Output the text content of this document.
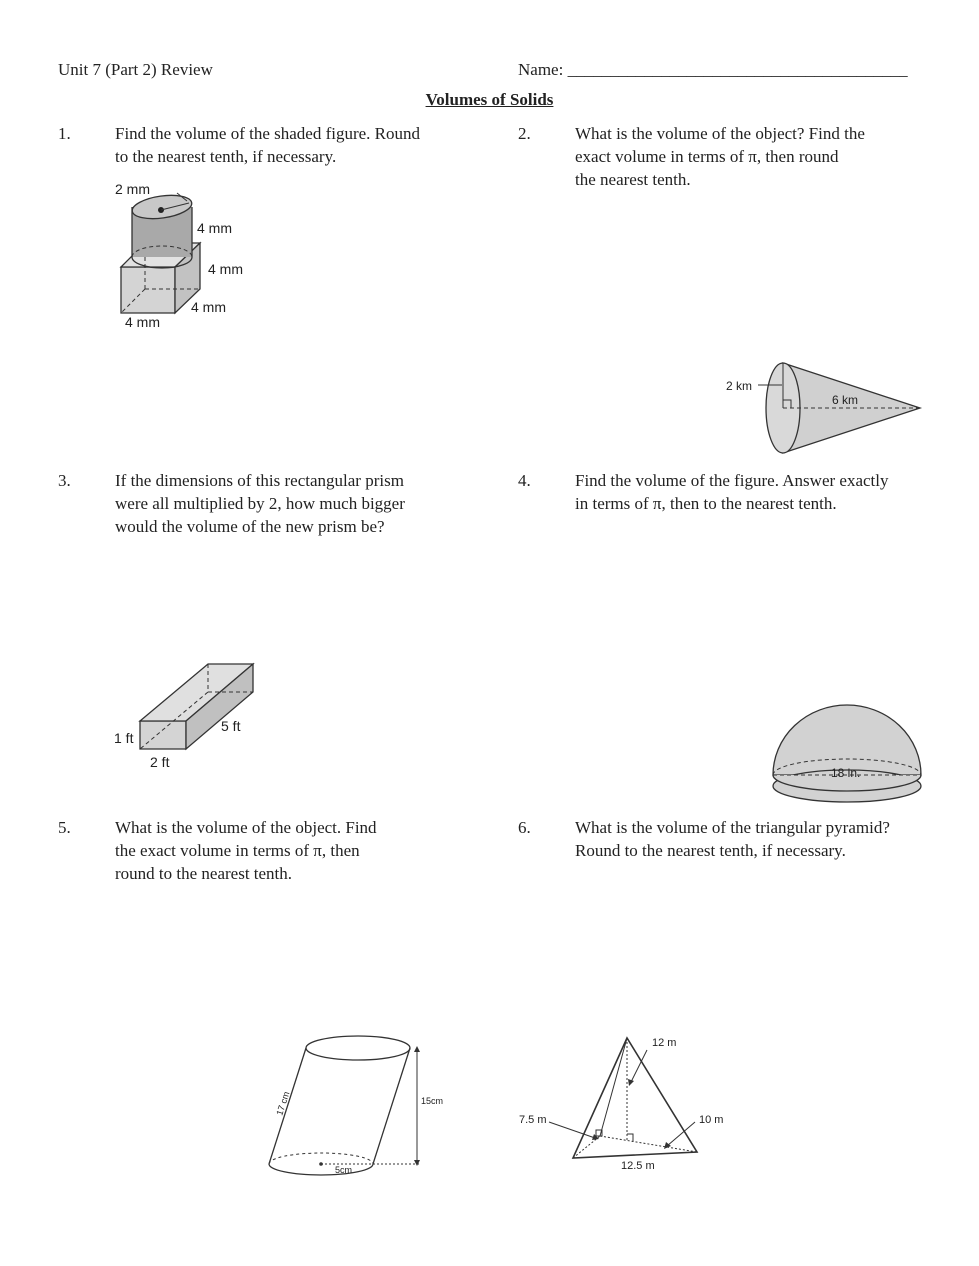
Unit 7 (Part 2) Review	Name: ________________________________________
Volumes of Solids
1.	Find the volume of the shaded figure. Round
to the nearest tenth, if necessary.
2 mm
4 mm
4 mm
4 mm
4 mm
2.	What is the volume of the object? Find the
exact volume in terms of π, then round
the nearest tenth.
2 km
6 km
3.	If the dimensions of this rectangular prism
were all multiplied by 2, how much bigger
would the volume of the new prism be?
1 ft
2 ft
5 ft
4.	Find the volume of the figure. Answer exactly
in terms of π, then to the nearest tenth.
18 in.
5.	What is the volume of the object. Find
the exact volume in terms of π, then
round to the nearest tenth.
17 cm	15cm
5cm
6.	What is the volume of the triangular pyramid?
Round to the nearest tenth, if necessary.
12 m
7.5 m	10 m
12.5 m
